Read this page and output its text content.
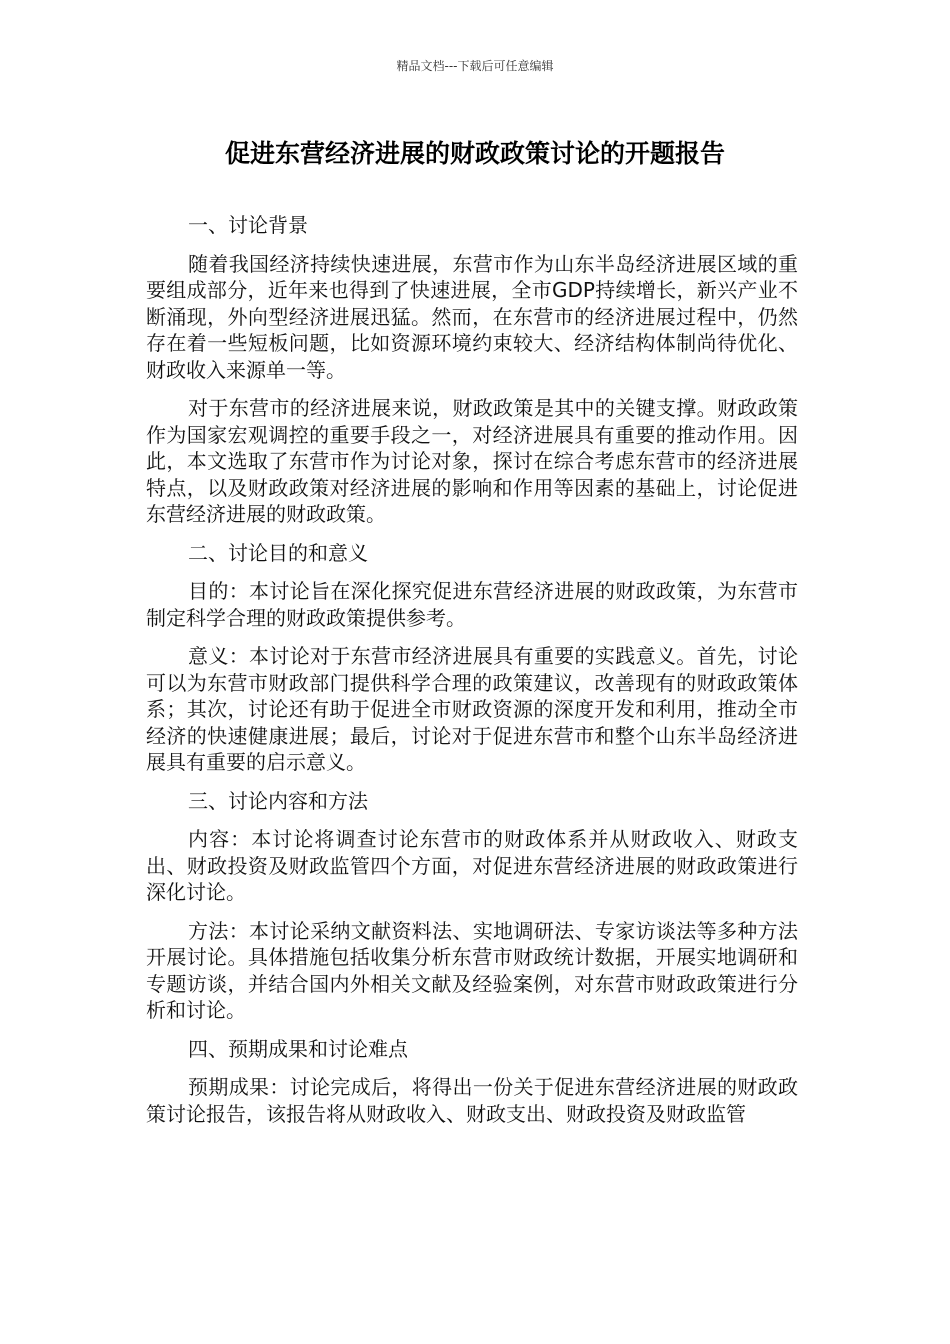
精品文档---下载后可任意编辑
促进东营经济进展的财政政策讨论的开题报告
一、讨论背景
随着我国经济持续快速进展，东营市作为山东半岛经济进展区域的重要组成部分，近年来也得到了快速进展，全市GDP持续增长，新兴产业不断涌现，外向型经济进展迅猛。然而，在东营市的经济进展过程中，仍然存在着一些短板问题，比如资源环境约束较大、经济结构体制尚待优化、财政收入来源单一等。
对于东营市的经济进展来说，财政政策是其中的关键支撑。财政政策作为国家宏观调控的重要手段之一，对经济进展具有重要的推动作用。因此，本文选取了东营市作为讨论对象，探讨在综合考虑东营市的经济进展特点，以及财政政策对经济进展的影响和作用等因素的基础上，讨论促进东营经济进展的财政政策。
二、讨论目的和意义
目的：本讨论旨在深化探究促进东营经济进展的财政政策，为东营市制定科学合理的财政政策提供参考。
意义：本讨论对于东营市经济进展具有重要的实践意义。首先，讨论可以为东营市财政部门提供科学合理的政策建议，改善现有的财政政策体系；其次，讨论还有助于促进全市财政资源的深度开发和利用，推动全市经济的快速健康进展；最后，讨论对于促进东营市和整个山东半岛经济进展具有重要的启示意义。
三、讨论内容和方法
内容：本讨论将调查讨论东营市的财政体系并从财政收入、财政支出、财政投资及财政监管四个方面，对促进东营经济进展的财政政策进行深化讨论。
方法：本讨论采纳文献资料法、实地调研法、专家访谈法等多种方法开展讨论。具体措施包括收集分析东营市财政统计数据，开展实地调研和专题访谈，并结合国内外相关文献及经验案例，对东营市财政政策进行分析和讨论。
四、预期成果和讨论难点
预期成果：讨论完成后，将得出一份关于促进东营经济进展的财政政策讨论报告，该报告将从财政收入、财政支出、财政投资及财政监管
